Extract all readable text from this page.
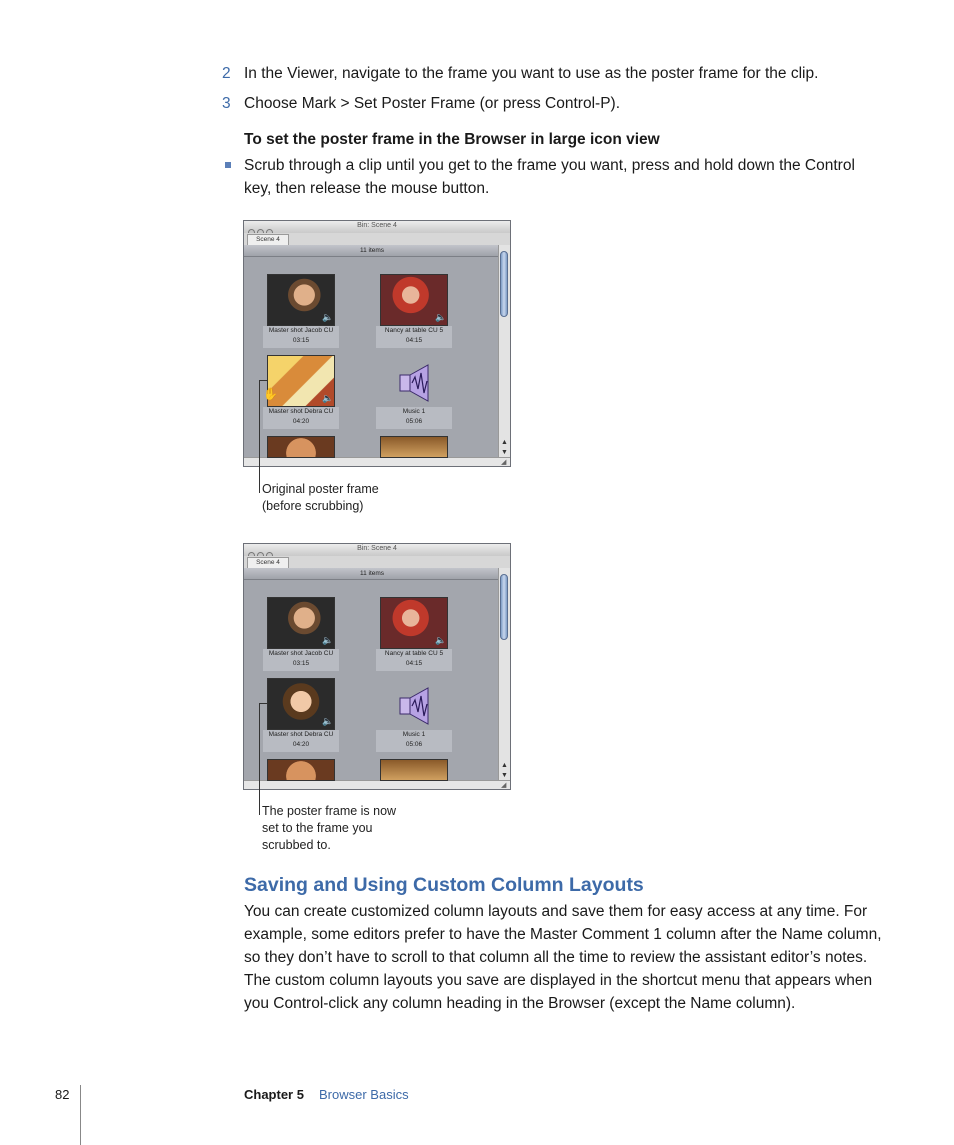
2 In the Viewer, navigate to the frame you want to use as the poster frame for the clip.
3 Choose Mark > Set Poster Frame (or press Control-P).
To set the poster frame in the Browser in large icon view
Scrub through a clip until you get to the frame you want, press and hold down the Control key, then release the mouse button.
Bin: Scene 4
Scene 4
11 items
▲
▼
◢
🔈
Master shot Jacob CU
03:15
🔈
Nancy at table CU 5
04:15
🔈
✋
Master shot Debra CU
04:20
Music 1
05:06
Original poster frame
(before scrubbing)
Bin: Scene 4
Scene 4
11 items
▲
▼
◢
🔈
Master shot Jacob CU
03:15
🔈
Nancy at table CU 5
04:15
🔈
Master shot Debra CU
04:20
Music 1
05:06
The poster frame is now
set to the frame you
scrubbed to.
Saving and Using Custom Column Layouts
You can create customized column layouts and save them for easy access at any time. For example, some editors prefer to have the Master Comment 1 column after the Name column, so they don’t have to scroll to that column all the time to review the assistant editor’s notes. The custom column layouts you save are displayed in the shortcut menu that appears when you Control-click any column heading in the Browser (except the Name column).
82	Chapter 5 Browser Basics
